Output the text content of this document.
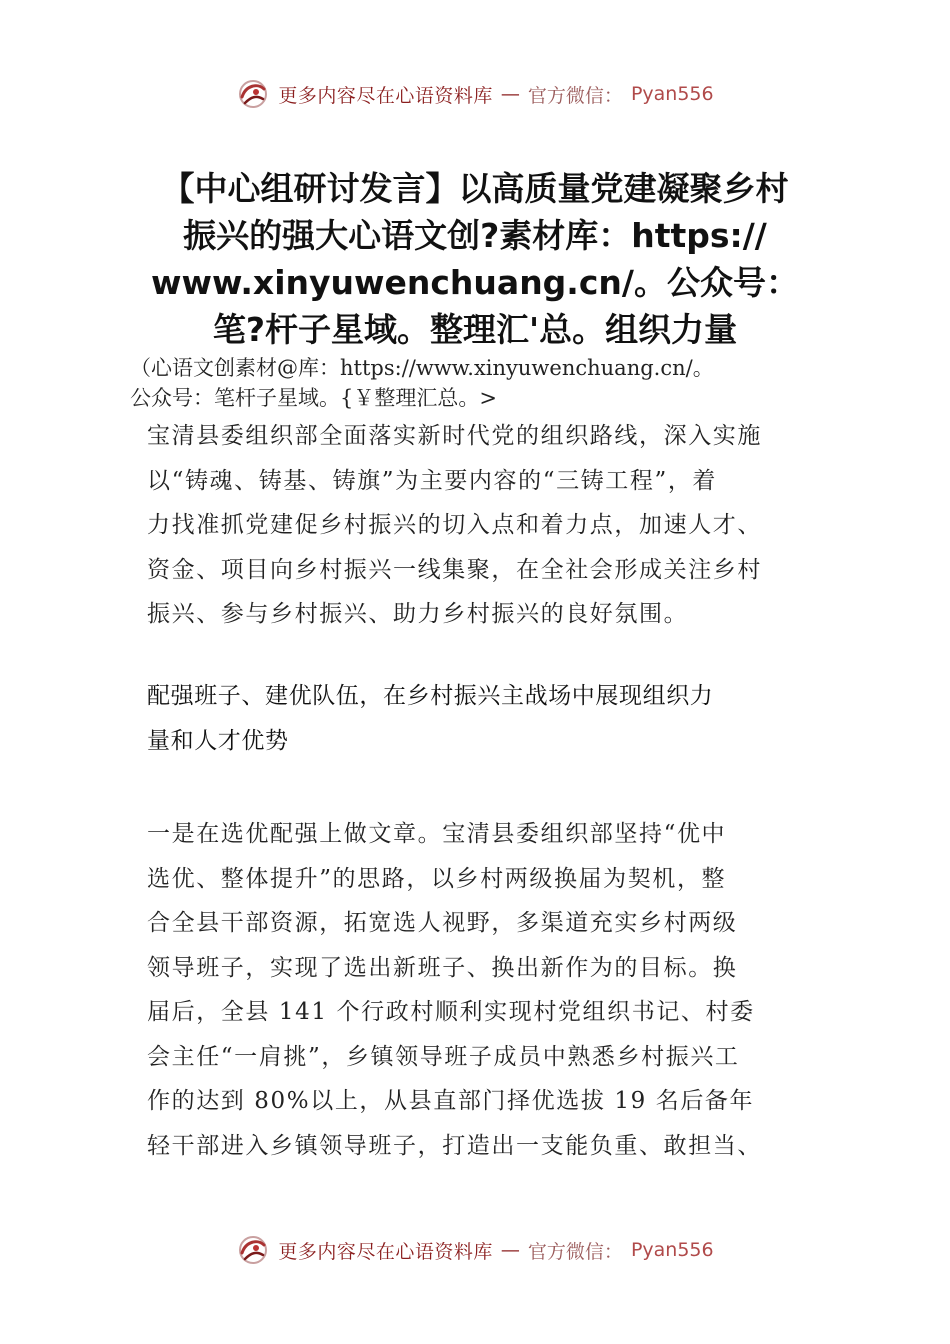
更多内容尽在心语资料库 — 官方微信： Pyan556
【中心组研讨发言】以高质量党建凝聚乡村
振兴的强大心语文创?素材库：https://
www.xinyuwenchuang.cn/。公众号：
笔?杆子星域。整理汇'总。组织力量
（心语文创素材@库：https://www.xinyuwenchuang.cn/。
公众号：笔杆子星域。{￥整理汇总。>
宝清县委组织部全面落实新时代党的组织路线，深入实施
以“铸魂、铸基、铸旗”为主要内容的“三铸工程”，着
力找准抓党建促乡村振兴的切入点和着力点，加速人才、
资金、项目向乡村振兴一线集聚，在全社会形成关注乡村
振兴、参与乡村振兴、助力乡村振兴的良好氛围。
配强班子、建优队伍，在乡村振兴主战场中展现组织力
量和人才优势
一是在选优配强上做文章。宝清县委组织部坚持“优中
选优、整体提升”的思路，以乡村两级换届为契机，整
合全县干部资源，拓宽选人视野，多渠道充实乡村两级
领导班子，实现了选出新班子、换出新作为的目标。换
届后，全县 141 个行政村顺利实现村党组织书记、村委
会主任“一肩挑”，乡镇领导班子成员中熟悉乡村振兴工
作的达到 80%以上，从县直部门择优选拔 19 名后备年
轻干部进入乡镇领导班子，打造出一支能负重、敢担当、
更多内容尽在心语资料库 — 官方微信： Pyan556
